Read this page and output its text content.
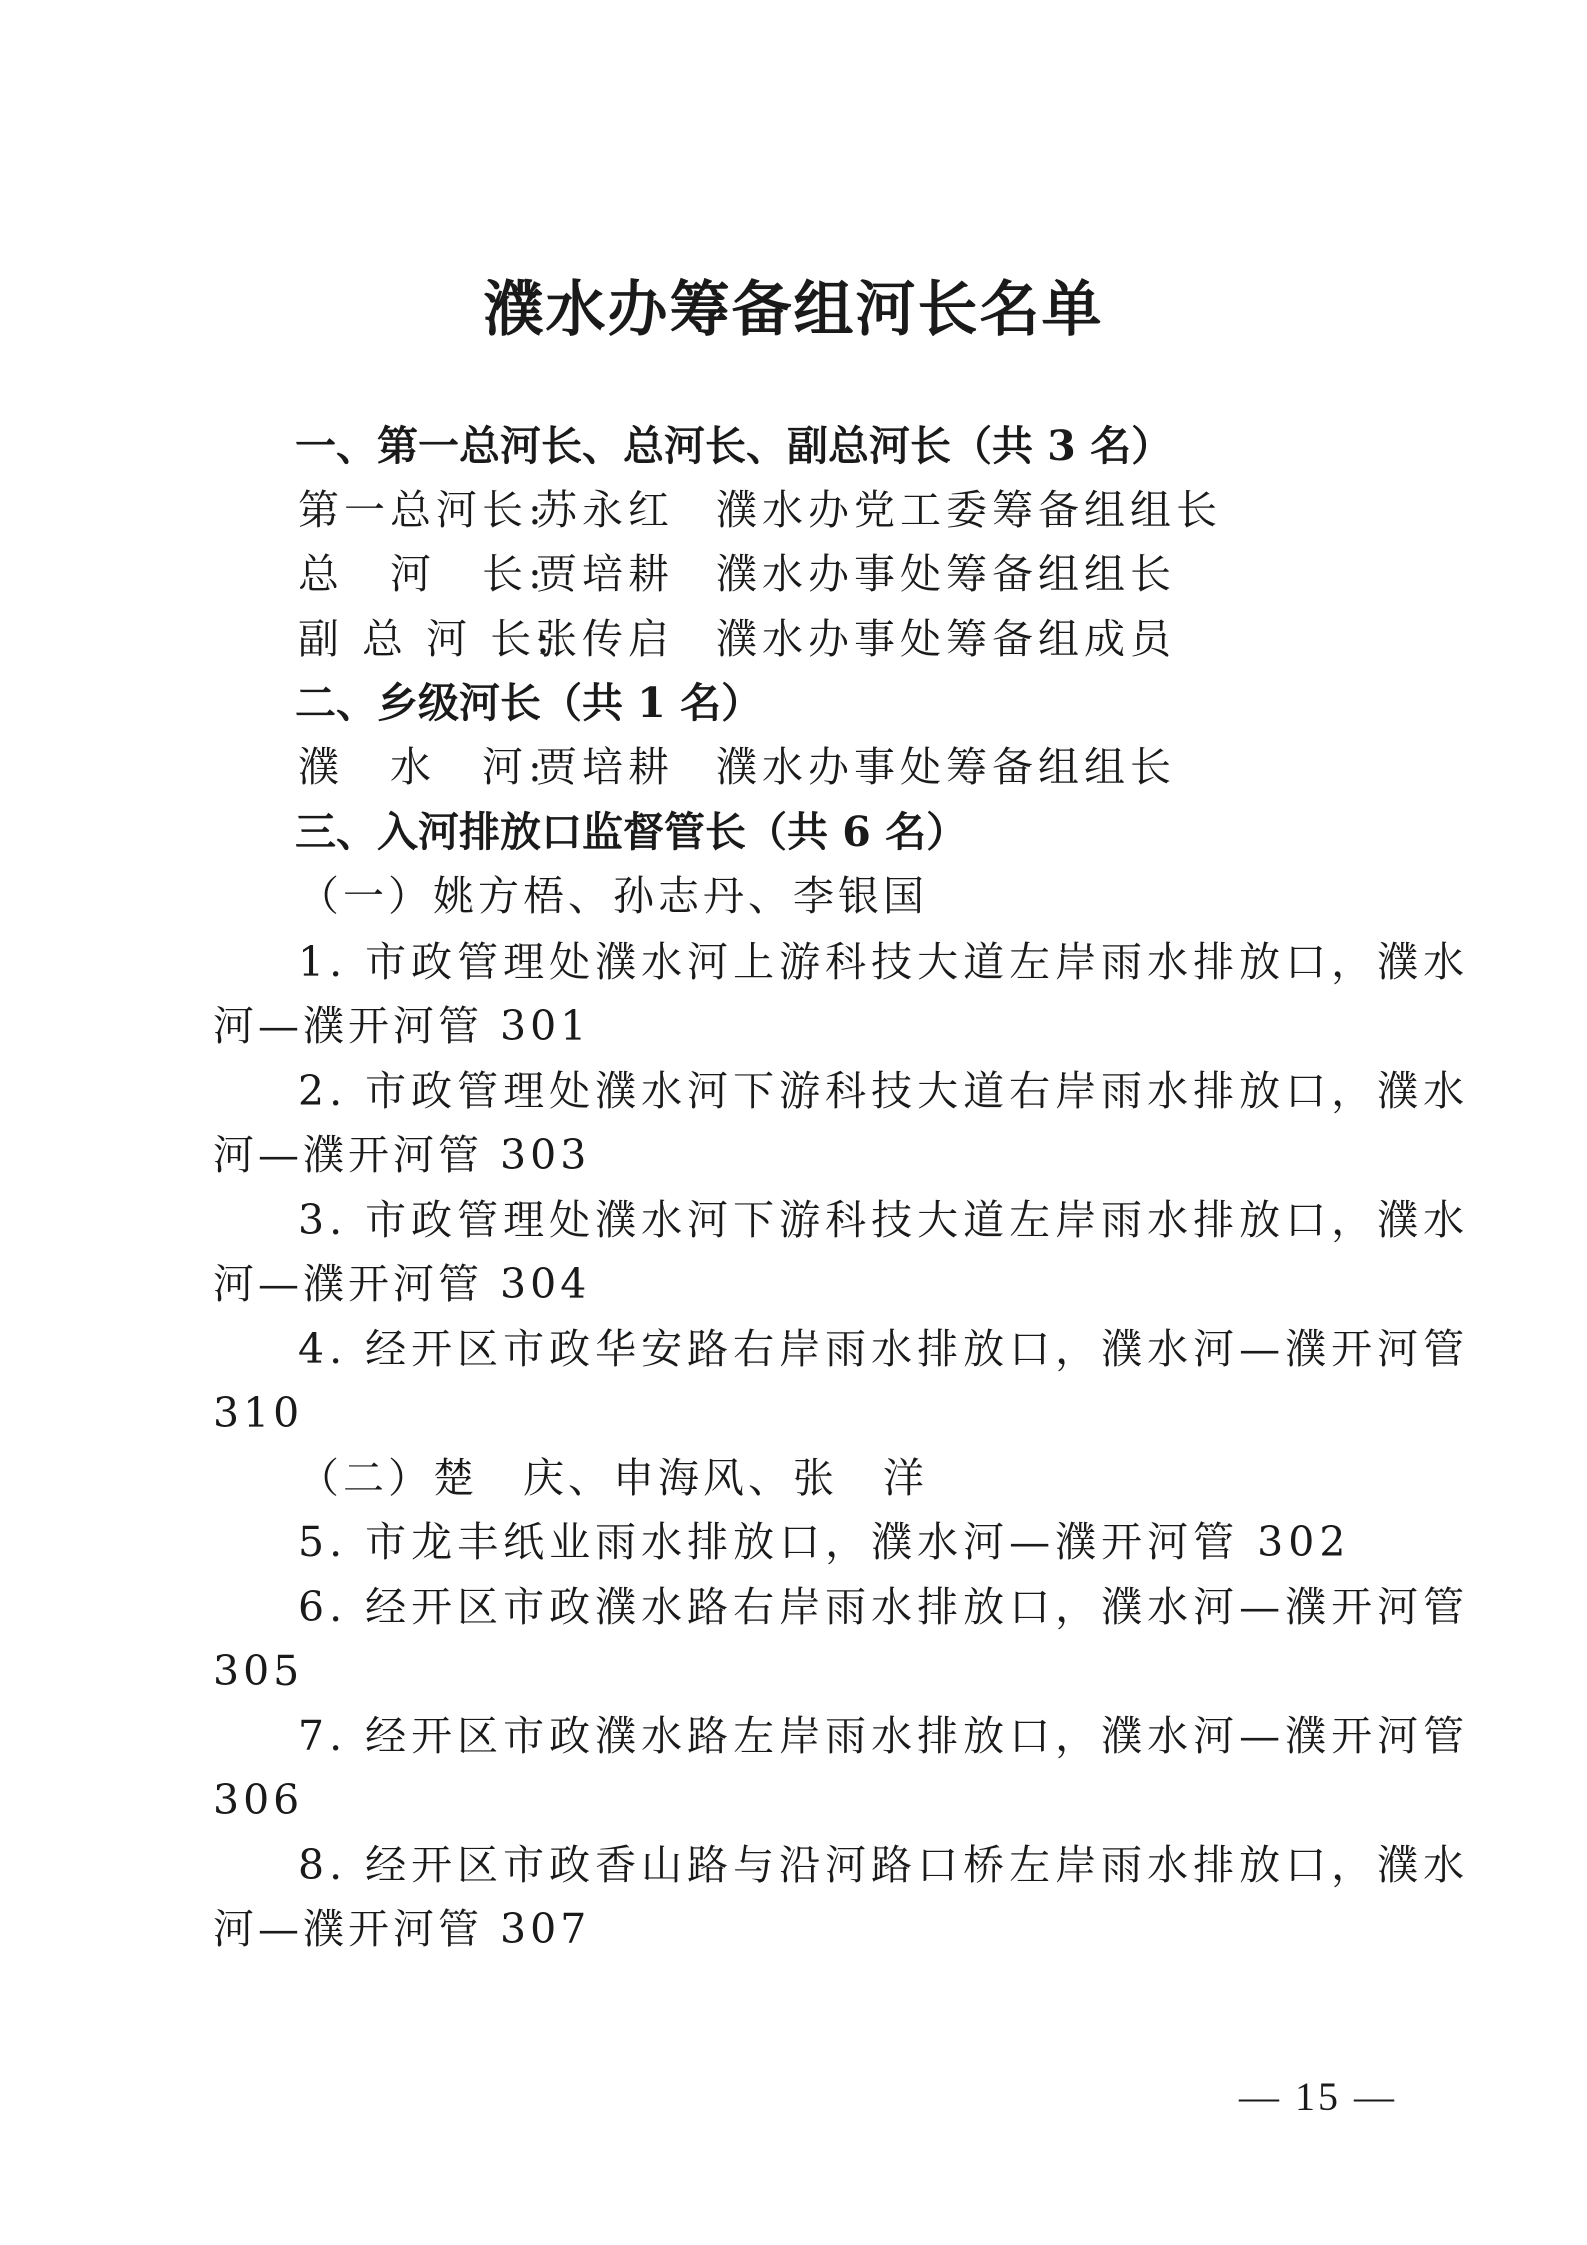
濮水办筹备组河长名单
一、第一总河长、总河长、副总河长（共 3 名）
第一总河长:苏永红 濮水办党工委筹备组组长
总　河　长:贾培耕 濮水办事处筹备组组长
副 总 河 长:张传启 濮水办事处筹备组成员
二、乡级河长（共 1 名）
濮　水　河:贾培耕 濮水办事处筹备组组长
三、入河排放口监督管长（共 6 名）
（一）姚方梧、孙志丹、李银国
1. 市政管理处濮水河上游科技大道左岸雨水排放口，濮水
河—濮开河管 301
2. 市政管理处濮水河下游科技大道右岸雨水排放口，濮水
河—濮开河管 303
3. 市政管理处濮水河下游科技大道左岸雨水排放口，濮水
河—濮开河管 304
4. 经开区市政华安路右岸雨水排放口，濮水河—濮开河管
310
（二）楚　庆、申海风、张　洋
5. 市龙丰纸业雨水排放口，濮水河—濮开河管 302
6. 经开区市政濮水路右岸雨水排放口，濮水河—濮开河管
305
7. 经开区市政濮水路左岸雨水排放口，濮水河—濮开河管
306
8. 经开区市政香山路与沿河路口桥左岸雨水排放口，濮水
河—濮开河管 307
— 15 —
